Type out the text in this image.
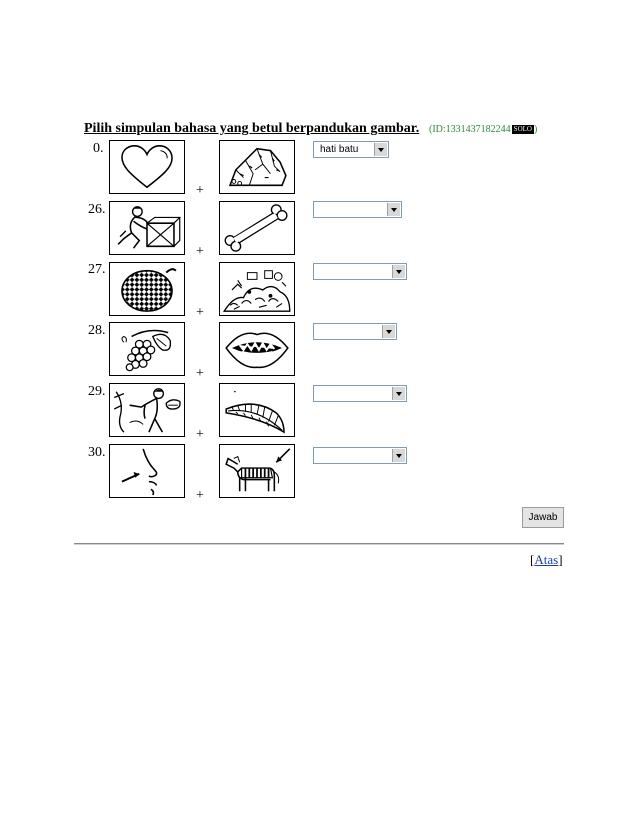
Pilih simpulan bahasa yang betul berpandukan gambar. (ID:1331437182244 SOLO )
0.
+
hati batu
26.
+
27.
+
28.
+
29.
+
30.
+
Jawab
[Atas]
